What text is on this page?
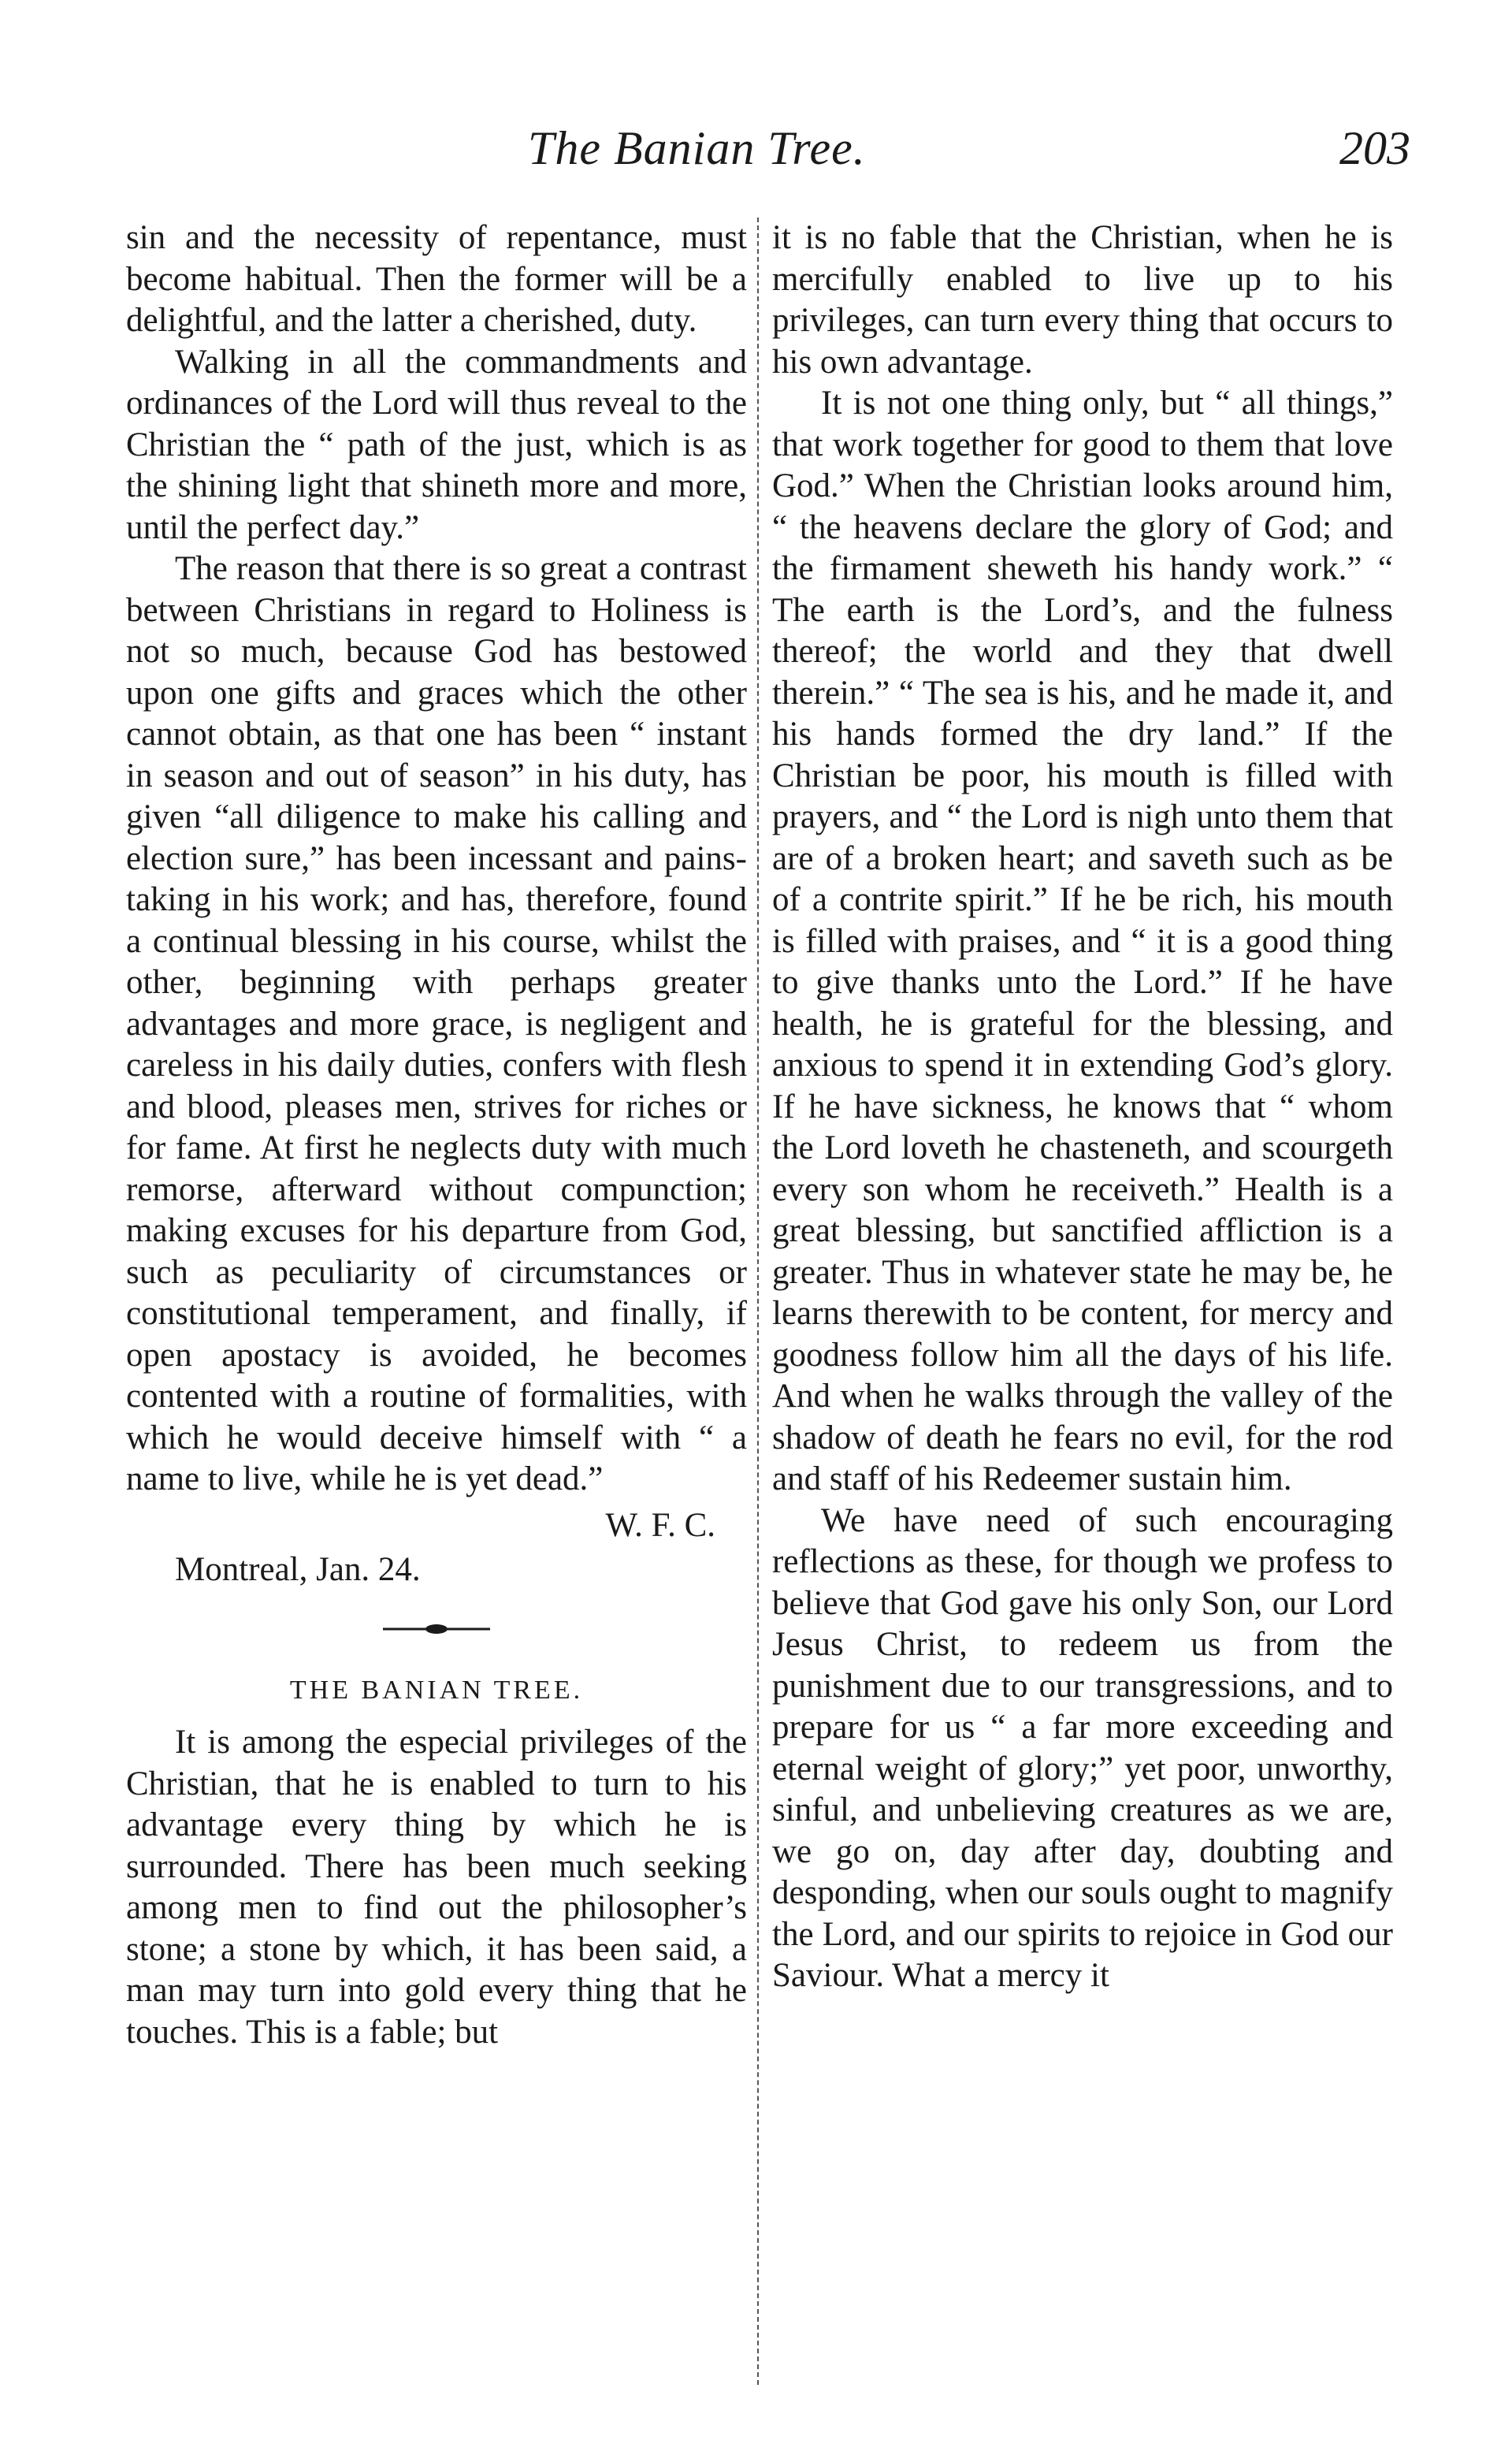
The Banian Tree.	203

sin and the necessity of repentance, must become habitual. Then the former will be a delightful, and the latter a cherished, duty.

Walking in all the commandments and ordinances of the Lord will thus reveal to the Christian the “ path of the just, which is as the shining light that shineth more and more, until the perfect day.”

The reason that there is so great a contrast between Christians in regard to Holiness is not so much, because God has bestowed upon one gifts and graces which the other cannot obtain, as that one has been “ instant in season and out of season” in his duty, has given “all diligence to make his calling and election sure,” has been incessant and pains-taking in his work; and has, therefore, found a continual blessing in his course, whilst the other, beginning with perhaps greater advantages and more grace, is negligent and careless in his daily duties, confers with flesh and blood, pleases men, strives for riches or for fame. At first he neglects duty with much remorse, afterward without compunction; making excuses for his departure from God, such as peculiarity of circumstances or constitutional temperament, and finally, if open apostacy is avoided, he becomes contented with a routine of formalities, with which he would deceive himself with “ a name to live, while he is yet dead.”

W. F. C.

Montreal, Jan. 24.

THE BANIAN TREE.

It is among the especial privileges of the Christian, that he is enabled to turn to his advantage every thing by which he is surrounded. There has been much seeking among men to find out the philosopher’s stone; a stone by which, it has been said, a man may turn into gold every thing that he touches. This is a fable; but

it is no fable that the Christian, when he is mercifully enabled to live up to his privileges, can turn every thing that occurs to his own advantage.

It is not one thing only, but “ all things,” that work together for good to them that love God.” When the Christian looks around him, “ the heavens declare the glory of God; and the firmament sheweth his handy work.” “ The earth is the Lord’s, and the fulness thereof; the world and they that dwell therein.” “ The sea is his, and he made it, and his hands formed the dry land.” If the Christian be poor, his mouth is filled with prayers, and “ the Lord is nigh unto them that are of a broken heart; and saveth such as be of a contrite spirit.” If he be rich, his mouth is filled with praises, and “ it is a good thing to give thanks unto the Lord.” If he have health, he is grateful for the blessing, and anxious to spend it in extending God’s glory. If he have sickness, he knows that “ whom the Lord loveth he chasteneth, and scourgeth every son whom he receiveth.” Health is a great blessing, but sanctified affliction is a greater. Thus in whatever state he may be, he learns therewith to be content, for mercy and goodness follow him all the days of his life. And when he walks through the valley of the shadow of death he fears no evil, for the rod and staff of his Redeemer sustain him.

We have need of such encouraging reflections as these, for though we profess to believe that God gave his only Son, our Lord Jesus Christ, to redeem us from the punishment due to our transgressions, and to prepare for us “ a far more exceeding and eternal weight of glory;” yet poor, unworthy, sinful, and unbelieving creatures as we are, we go on, day after day, doubting and desponding, when our souls ought to magnify the Lord, and our spirits to rejoice in God our Saviour. What a mercy it
